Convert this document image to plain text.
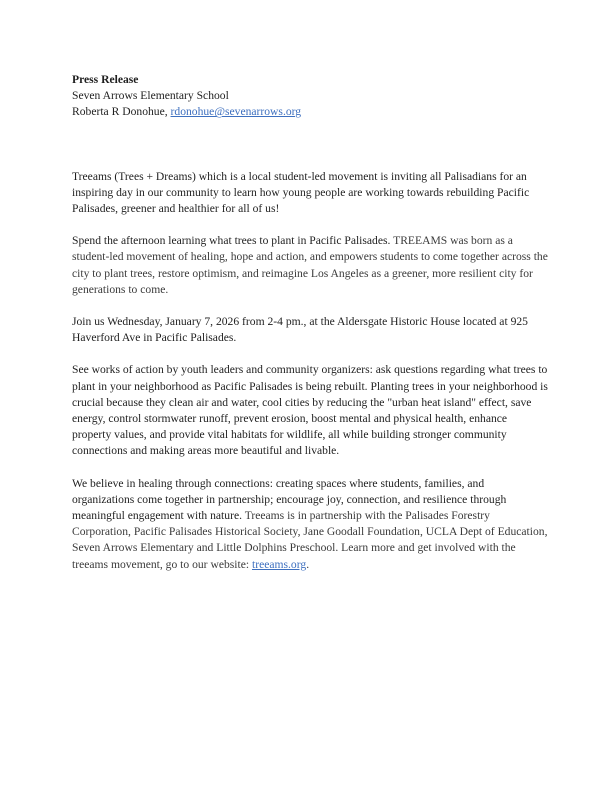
Press Release

Seven Arrows Elementary School

Roberta R Donohue, rdonohue@sevenarrows.org

Treeams (Trees + Dreams) which is a local student-led movement is inviting all Palisadians for an inspiring day in our community to learn how young people are working towards rebuilding Pacific Palisades, greener and healthier for all of us!

Spend the afternoon learning what trees to plant in Pacific Palisades. TREEAMS was born as a student-led movement of healing, hope and action, and empowers students to come together across the city to plant trees, restore optimism, and reimagine Los Angeles as a greener, more resilient city for generations to come.

Join us Wednesday, January 7, 2026 from 2-4 pm., at the Aldersgate Historic House located at 925 Haverford Ave in Pacific Palisades.

See works of action by youth leaders and community organizers: ask questions regarding what trees to plant in your neighborhood as Pacific Palisades is being rebuilt. Planting trees in your neighborhood is crucial because they clean air and water, cool cities by reducing the "urban heat island" effect, save energy, control stormwater runoff, prevent erosion, boost mental and physical health, enhance property values, and provide vital habitats for wildlife, all while building stronger community connections and making areas more beautiful and livable.

We believe in healing through connections: creating spaces where students, families, and organizations come together in partnership; encourage joy, connection, and resilience through meaningful engagement with nature. Treeams is in partnership with the Palisades Forestry Corporation, Pacific Palisades Historical Society, Jane Goodall Foundation, UCLA Dept of Education, Seven Arrows Elementary and Little Dolphins Preschool. Learn more and get involved with the treeams movement, go to our website: treeams.org.
